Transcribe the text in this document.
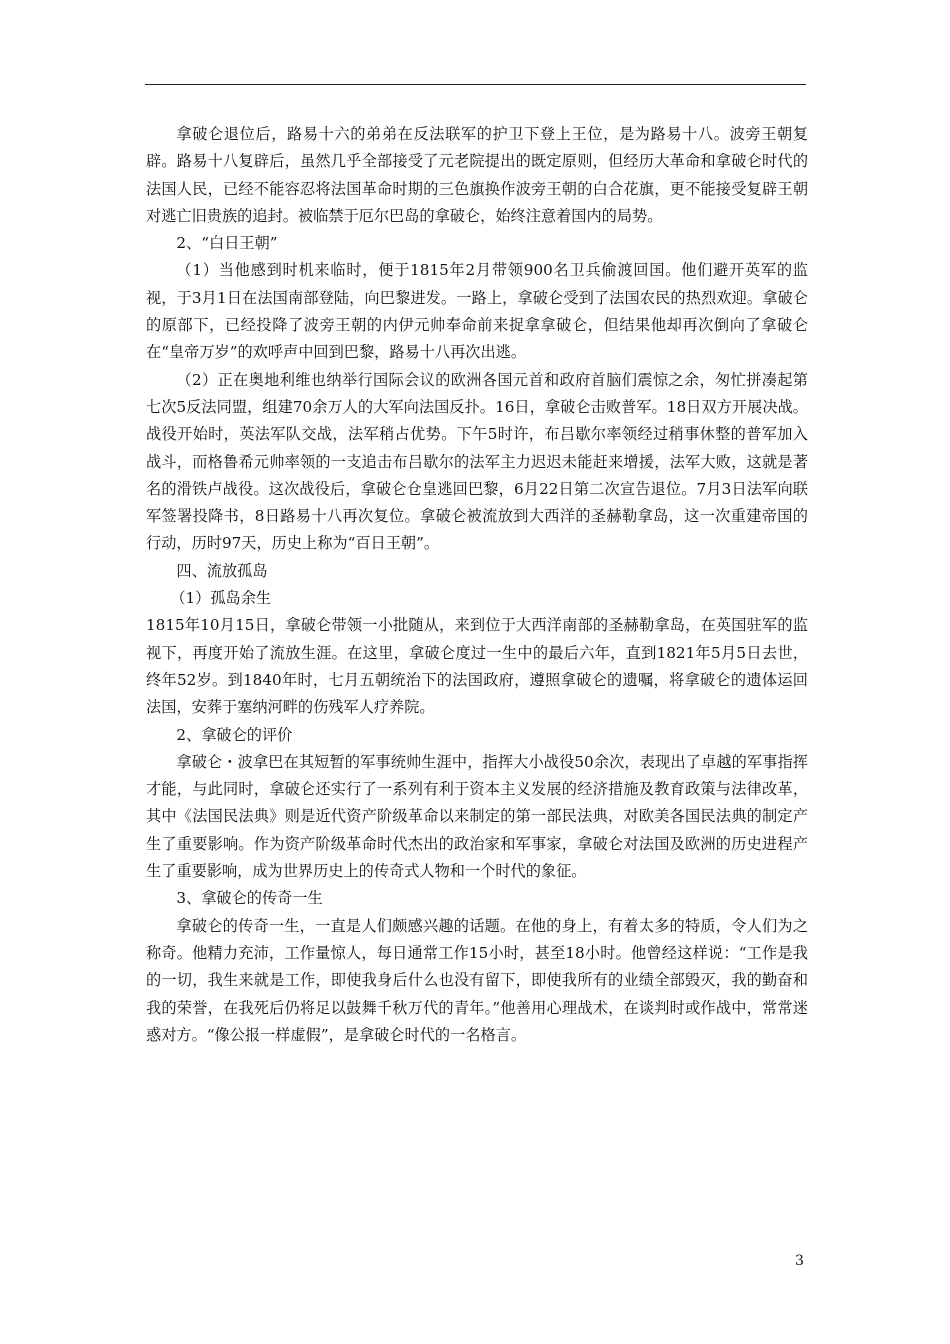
拿破仑退位后，路易十六的弟弟在反法联军的护卫下登上王位，是为路易十八。波旁王朝复辟。路易十八复辟后，虽然几乎全部接受了元老院提出的既定原则，但经历大革命和拿破仑时代的法国人民，已经不能容忍将法国革命时期的三色旗换作波旁王朝的白合花旗，更不能接受复辟王朝对逃亡旧贵族的追封。被临禁于厄尔巴岛的拿破仑，始终注意着国内的局势。

2、“白日王朝”

（1）当他感到时机来临时，便于1815年2月带领900名卫兵偷渡回国。他们避开英军的监视，于3月1日在法国南部登陆，向巴黎进发。一路上，拿破仑受到了法国农民的热烈欢迎。拿破仑的原部下，已经投降了波旁王朝的内伊元帅奉命前来捉拿拿破仑，但结果他却再次倒向了拿破仑在“皇帝万岁”的欢呼声中回到巴黎，路易十八再次出逃。

（2）正在奥地利维也纳举行国际会议的欧洲各国元首和政府首脑们震惊之余，匆忙拼凑起第七次5反法同盟，组建70余万人的大军向法国反扑。16日，拿破仑击败普军。18日双方开展决战。战役开始时，英法军队交战，法军稍占优势。下午5时许，布吕歇尔率领经过稍事休整的普军加入战斗，而格鲁希元帅率领的一支追击布吕歇尔的法军主力迟迟未能赶来增援，法军大败，这就是著名的滑铁卢战役。这次战役后，拿破仑仓皇逃回巴黎，6月22日第二次宣告退位。7月3日法军向联军签署投降书，8日路易十八再次复位。拿破仑被流放到大西洋的圣赫勒拿岛，这一次重建帝国的行动，历时97天，历史上称为“百日王朝”。

四、流放孤岛

（1）孤岛余生

1815年10月15日，拿破仑带领一小批随从，来到位于大西洋南部的圣赫勒拿岛，在英国驻军的监视下，再度开始了流放生涯。在这里，拿破仑度过一生中的最后六年，直到1821年5月5日去世，终年52岁。到1840年时，七月五朝统治下的法国政府，遵照拿破仑的遗嘱，将拿破仑的遗体运回法国，安葬于塞纳河畔的伤残军人疗养院。

2、拿破仑的评价

拿破仑・波拿巴在其短暂的军事统帅生涯中，指挥大小战役50余次，表现出了卓越的军事指挥才能，与此同时，拿破仑还实行了一系列有利于资本主义发展的经济措施及教育政策与法律改革，其中《法国民法典》则是近代资产阶级革命以来制定的第一部民法典，对欧美各国民法典的制定产生了重要影响。作为资产阶级革命时代杰出的政治家和军事家，拿破仑对法国及欧洲的历史进程产生了重要影响，成为世界历史上的传奇式人物和一个时代的象征。

3、拿破仑的传奇一生

拿破仑的传奇一生，一直是人们颇感兴趣的话题。在他的身上，有着太多的特质，令人们为之称奇。他精力充沛，工作量惊人，每日通常工作15小时，甚至18小时。他曾经这样说：“工作是我的一切，我生来就是工作，即使我身后什么也没有留下，即使我所有的业绩全部毁灭，我的勤奋和我的荣誉，在我死后仍将足以鼓舞千秋万代的青年。”他善用心理战术，在谈判时或作战中，常常迷惑对方。“像公报一样虚假”，是拿破仑时代的一名格言。

3
